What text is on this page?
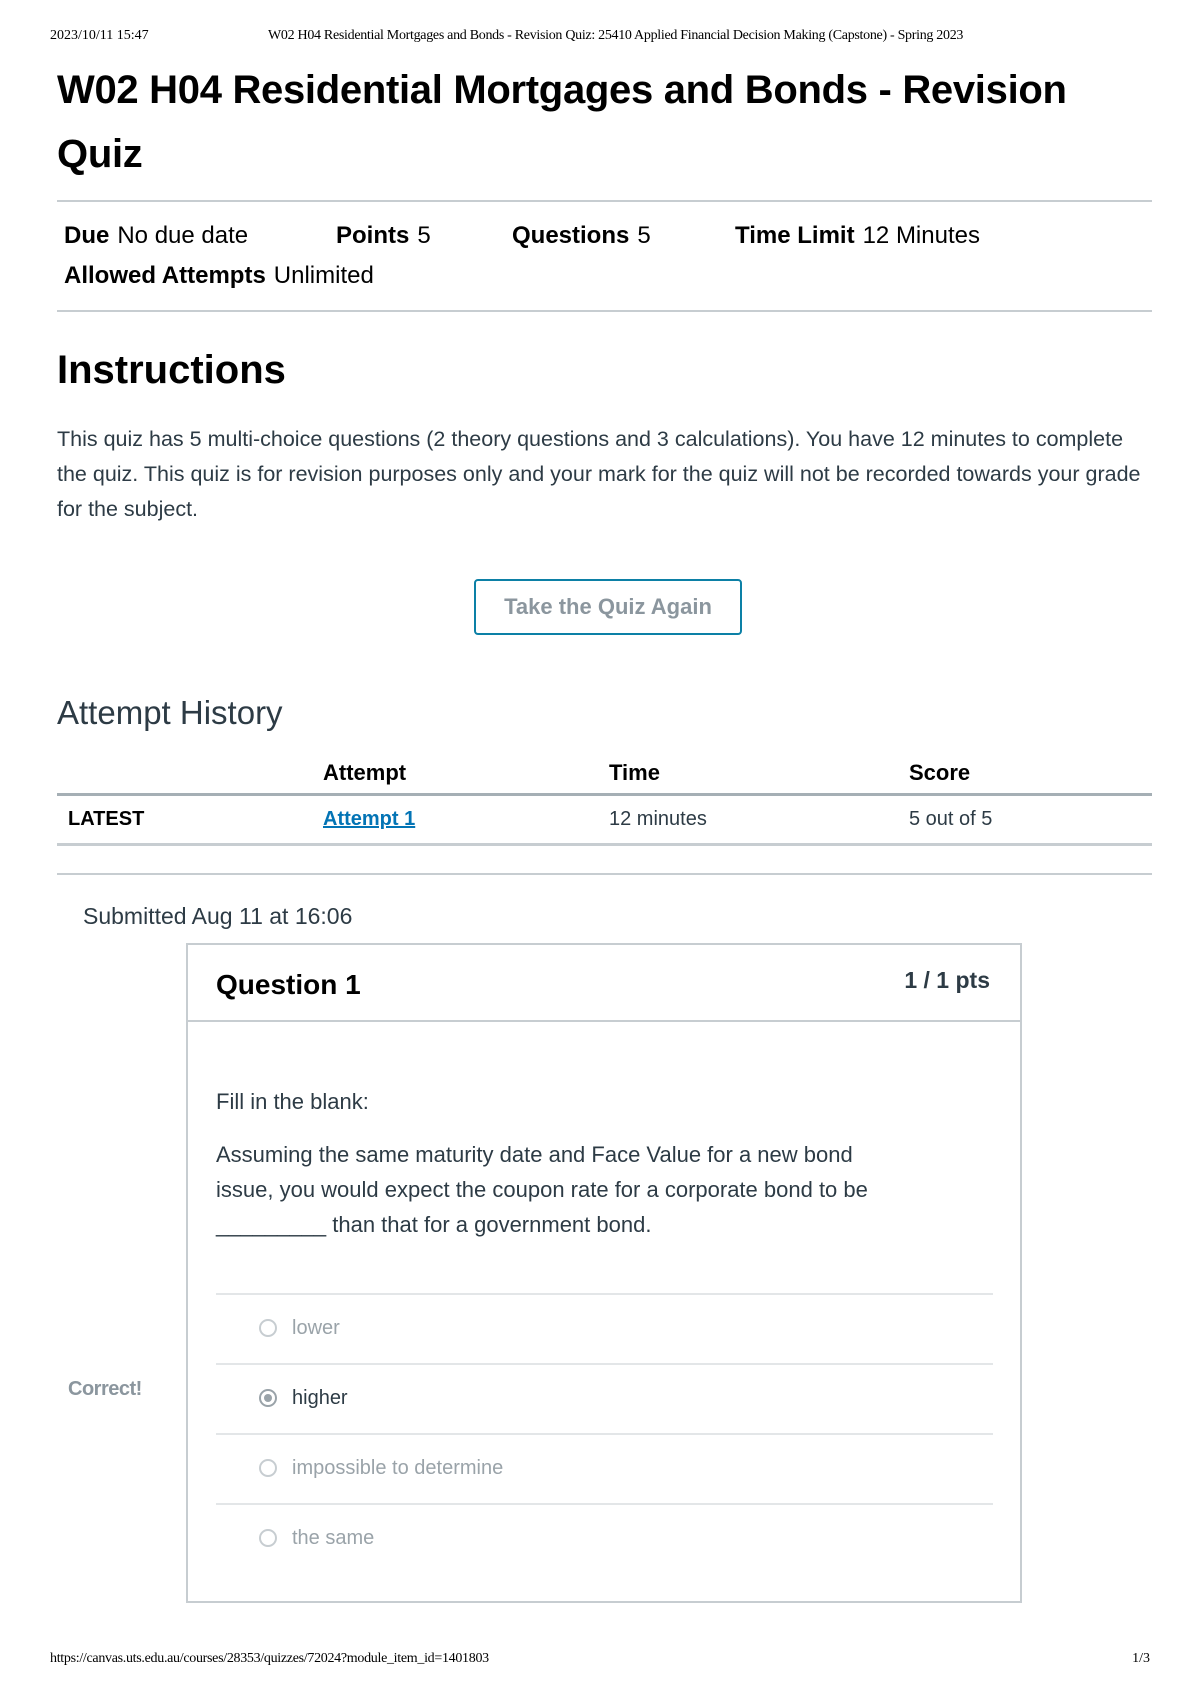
2023/10/11 15:47	W02 H04 Residential Mortgages and Bonds - Revision Quiz: 25410 Applied Financial Decision Making (Capstone) - Spring 2023
W02 H04 Residential Mortgages and Bonds - Revision Quiz
Due No due date	Points 5	Questions 5	Time Limit 12 Minutes
Allowed Attempts Unlimited
Instructions
This quiz has 5 multi-choice questions (2 theory questions and 3 calculations). You have 12 minutes to complete the quiz. This quiz is for revision purposes only and your mark for the quiz will not be recorded towards your grade for the subject.
Take the Quiz Again
Attempt History
	Attempt	Time	Score
LATEST	Attempt 1	12 minutes	5 out of 5
Submitted Aug 11 at 16:06
Correct!
Question 1	1 / 1 pts

Fill in the blank:

Assuming the same maturity date and Face Value for a new bond issue, you would expect the coupon rate for a corporate bond to be _________ than that for a government bond.

lower
higher
impossible to determine
the same
https://canvas.uts.edu.au/courses/28353/quizzes/72024?module_item_id=1401803	1/3
